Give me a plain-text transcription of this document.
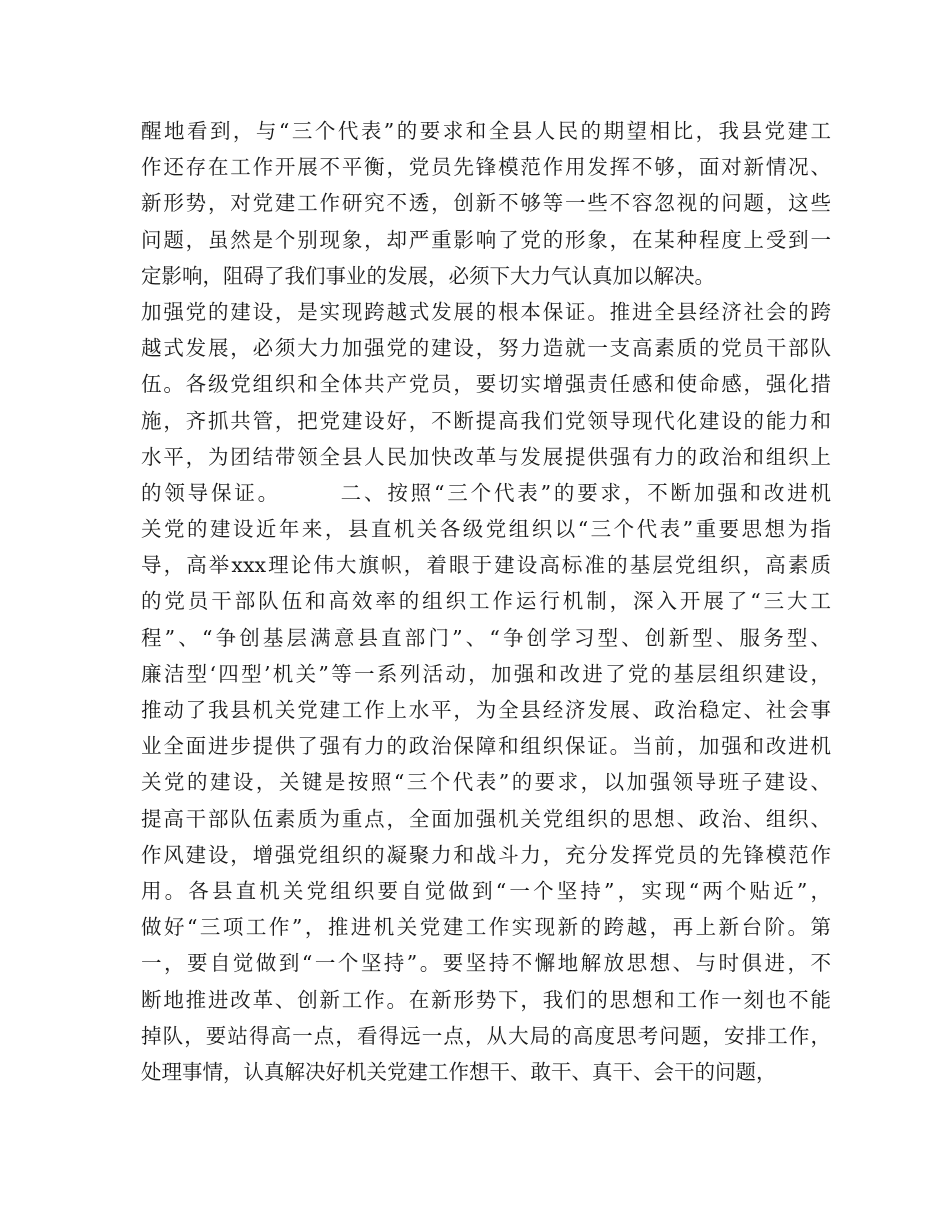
醒地看到，与“三个代表”的要求和全县人民的期望相比，我县党建工
作还存在工作开展不平衡，党员先锋模范作用发挥不够，面对新情况、
新形势，对党建工作研究不透，创新不够等一些不容忽视的问题，这些
问题，虽然是个别现象，却严重影响了党的形象，在某种程度上受到一
定影响，阻碍了我们事业的发展，必须下大力气认真加以解决。
加强党的建设，是实现跨越式发展的根本保证。推进全县经济社会的跨
越式发展，必须大力加强党的建设，努力造就一支高素质的党员干部队
伍。各级党组织和全体共产党员，要切实增强责任感和使命感，强化措
施，齐抓共管，把党建设好，不断提高我们党领导现代化建设的能力和
水平，为团结带领全县人民加快改革与发展提供强有力的政治和组织上
的领导保证。　　　二、按照“三个代表”的要求，不断加强和改进机
关党的建设近年来，县直机关各级党组织以“三个代表”重要思想为指
导，高举xxx理论伟大旗帜，着眼于建设高标准的基层党组织，高素质
的党员干部队伍和高效率的组织工作运行机制，深入开展了“三大工
程”、“争创基层满意县直部门”、“争创学习型、创新型、服务型、
廉洁型‘四型’机关”等一系列活动，加强和改进了党的基层组织建设，
推动了我县机关党建工作上水平，为全县经济发展、政治稳定、社会事
业全面进步提供了强有力的政治保障和组织保证。当前，加强和改进机
关党的建设，关键是按照“三个代表”的要求，以加强领导班子建设、
提高干部队伍素质为重点，全面加强机关党组织的思想、政治、组织、
作风建设，增强党组织的凝聚力和战斗力，充分发挥党员的先锋模范作
用。各县直机关党组织要自觉做到“一个坚持”，实现“两个贴近”，
做好“三项工作”，推进机关党建工作实现新的跨越，再上新台阶。第
一，要自觉做到“一个坚持”。要坚持不懈地解放思想、与时俱进，不
断地推进改革、创新工作。在新形势下，我们的思想和工作一刻也不能
掉队，要站得高一点，看得远一点，从大局的高度思考问题，安排工作，
处理事情，认真解决好机关党建工作想干、敢干、真干、会干的问题，
